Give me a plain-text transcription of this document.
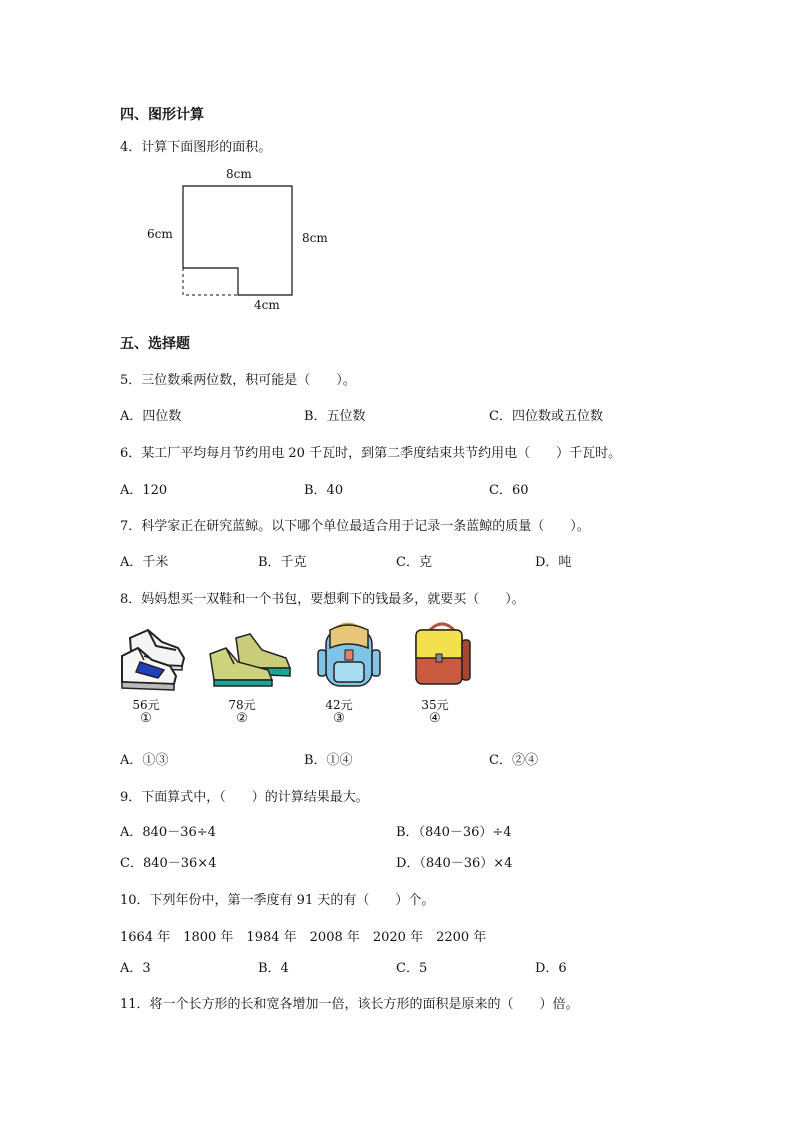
四、图形计算
4．计算下面图形的面积。
8cm
6cm	8cm
4cm
五、选择题
5．三位数乘两位数，积可能是（　　）。
A．四位数	B．五位数	C．四位数或五位数
6．某工厂平均每月节约用电 20 千瓦时，到第二季度结束共节约用电（　　）千瓦时。
A．120	B．40	C．60
7．科学家正在研究蓝鲸。以下哪个单位最适合用于记录一条蓝鲸的质量（　　）。
A．千米	B．千克	C．克	D．吨
8．妈妈想买一双鞋和一个书包，要想剩下的钱最多，就要买（　　）。
56元
①
78元
②
42元
③
35元
④
A．①③	B．①④	C．②④
9．下面算式中，（　　）的计算结果最大。
A．840－36÷4	B．（840－36）÷4
C．840－36×4	D．（840－36）×4
10．下列年份中，第一季度有 91 天的有（　　）个。
1664 年　1800 年　1984 年　2008 年　2020 年　2200 年
A．3	B．4	C．5	D．6
11．将一个长方形的长和宽各增加一倍，该长方形的面积是原来的（　　）倍。
